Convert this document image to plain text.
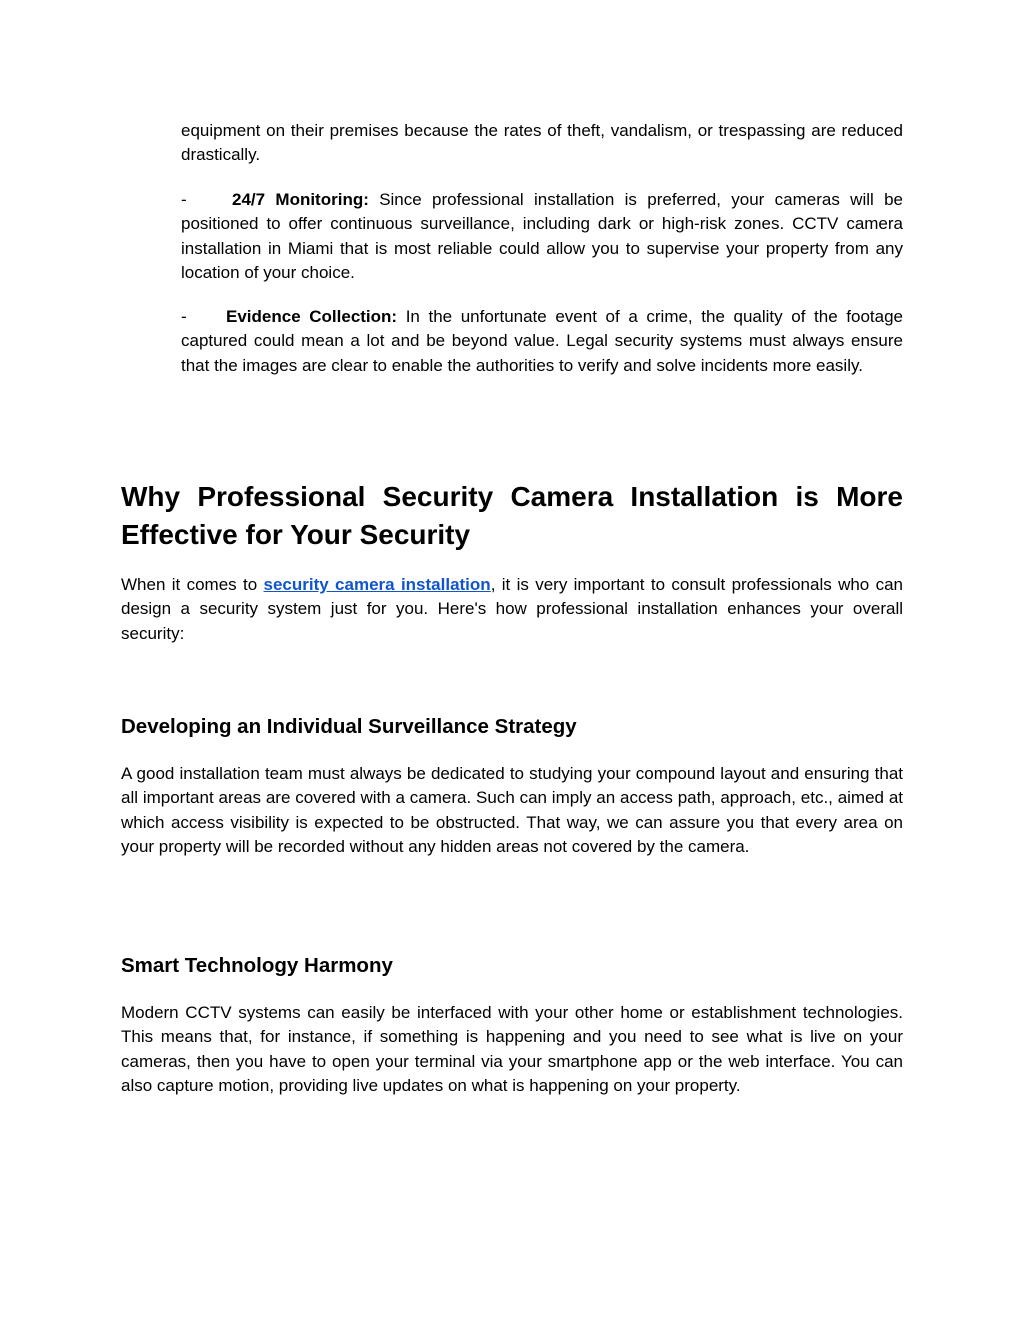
equipment on their premises because the rates of theft, vandalism, or trespassing are reduced drastically.

-	24/7 Monitoring: Since professional installation is preferred, your cameras will be positioned to offer continuous surveillance, including dark or high-risk zones. CCTV camera installation in Miami that is most reliable could allow you to supervise your property from any location of your choice.

- Evidence Collection: In the unfortunate event of a crime, the quality of the footage captured could mean a lot and be beyond value. Legal security systems must always ensure that the images are clear to enable the authorities to verify and solve incidents more easily.

Why Professional Security Camera Installation is More Effective for Your Security

When it comes to security camera installation, it is very important to consult professionals who can design a security system just for you. Here's how professional installation enhances your overall security:

Developing an Individual Surveillance Strategy

A good installation team must always be dedicated to studying your compound layout and ensuring that all important areas are covered with a camera. Such can imply an access path, approach, etc., aimed at which access visibility is expected to be obstructed. That way, we can assure you that every area on your property will be recorded without any hidden areas not covered by the camera.

Smart Technology Harmony

Modern CCTV systems can easily be interfaced with your other home or establishment technologies. This means that, for instance, if something is happening and you need to see what is live on your cameras, then you have to open your terminal via your smartphone app or the web interface. You can also capture motion, providing live updates on what is happening on your property.
